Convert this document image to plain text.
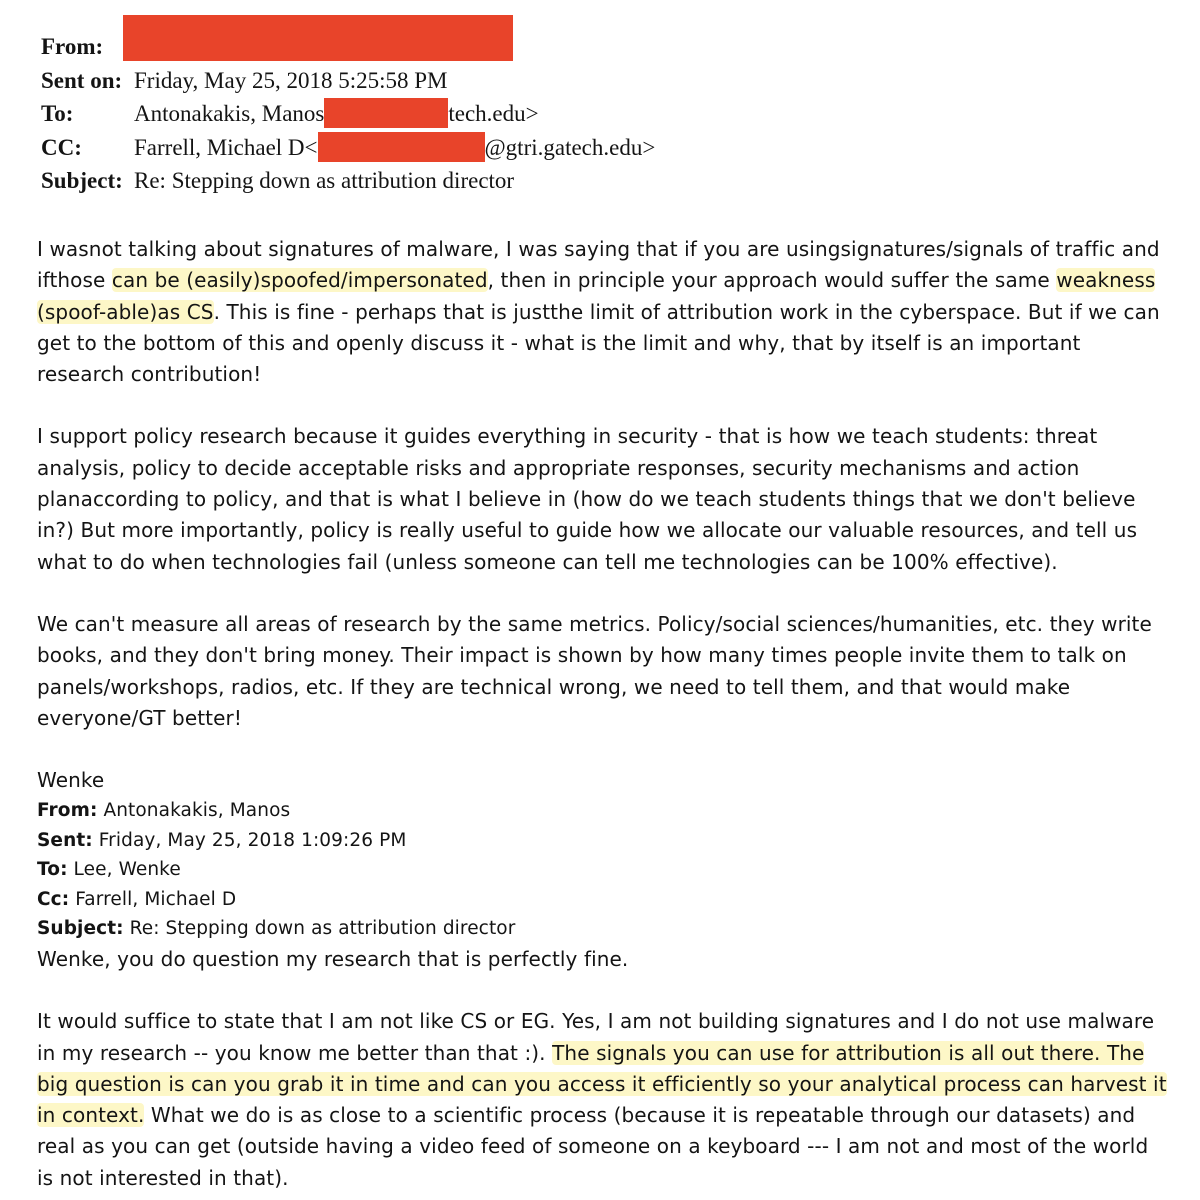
From:
Sent on: Friday, May 25, 2018 5:25:58 PM
To:	Antonakakis, Manos	tech.edu>
CC: Farrell, Michael D<	@gtri.gatech.edu>
Subject: Re: Stepping down as attribution director

I wasnot talking about signatures of malware, I was saying that if you are usingsignatures/signals of traffic and ifthose can be (easily)spoofed/impersonated, then in principle your approach would suffer the same weakness (spoof-able)as CS. This is fine - perhaps that is justthe limit of attribution work in the cyberspace. But if we can get to the bottom of this and openly discuss it - what is the limit and why, that by itself is an important research contribution!

I support policy research because it guides everything in security - that is how we teach students: threat analysis, policy to decide acceptable risks and appropriate responses, security mechanisms and action planaccording to policy, and that is what I believe in (how do we teach students things that we don't believe in?) But more importantly, policy is really useful to guide how we allocate our valuable resources, and tell us what to do when technologies fail (unless someone can tell me technologies can be 100% effective).

We can't measure all areas of research by the same metrics. Policy/social sciences/humanities, etc. they write books, and they don't bring money. Their impact is shown by how many times people invite them to talk on panels/workshops, radios, etc. If they are technical wrong, we need to tell them, and that would make everyone/GT better!

Wenke

From: Antonakakis, Manos
Sent: Friday, May 25, 2018 1:09:26 PM
To: Lee, Wenke
Cc: Farrell, Michael D
Subject: Re: Stepping down as attribution director

Wenke, you do question my research that is perfectly fine.

It would suffice to state that I am not like CS or EG. Yes, I am not building signatures and I do not use malware in my research -- you know me better than that :). The signals you can use for attribution is all out there. The big question is can you grab it in time and can you access it efficiently so your analytical process can harvest it in context. What we do is as close to a scientific process (because it is repeatable through our datasets) and real as you can get (outside having a video feed of someone on a keyboard --- I am not and most of the world is not interested in that).
